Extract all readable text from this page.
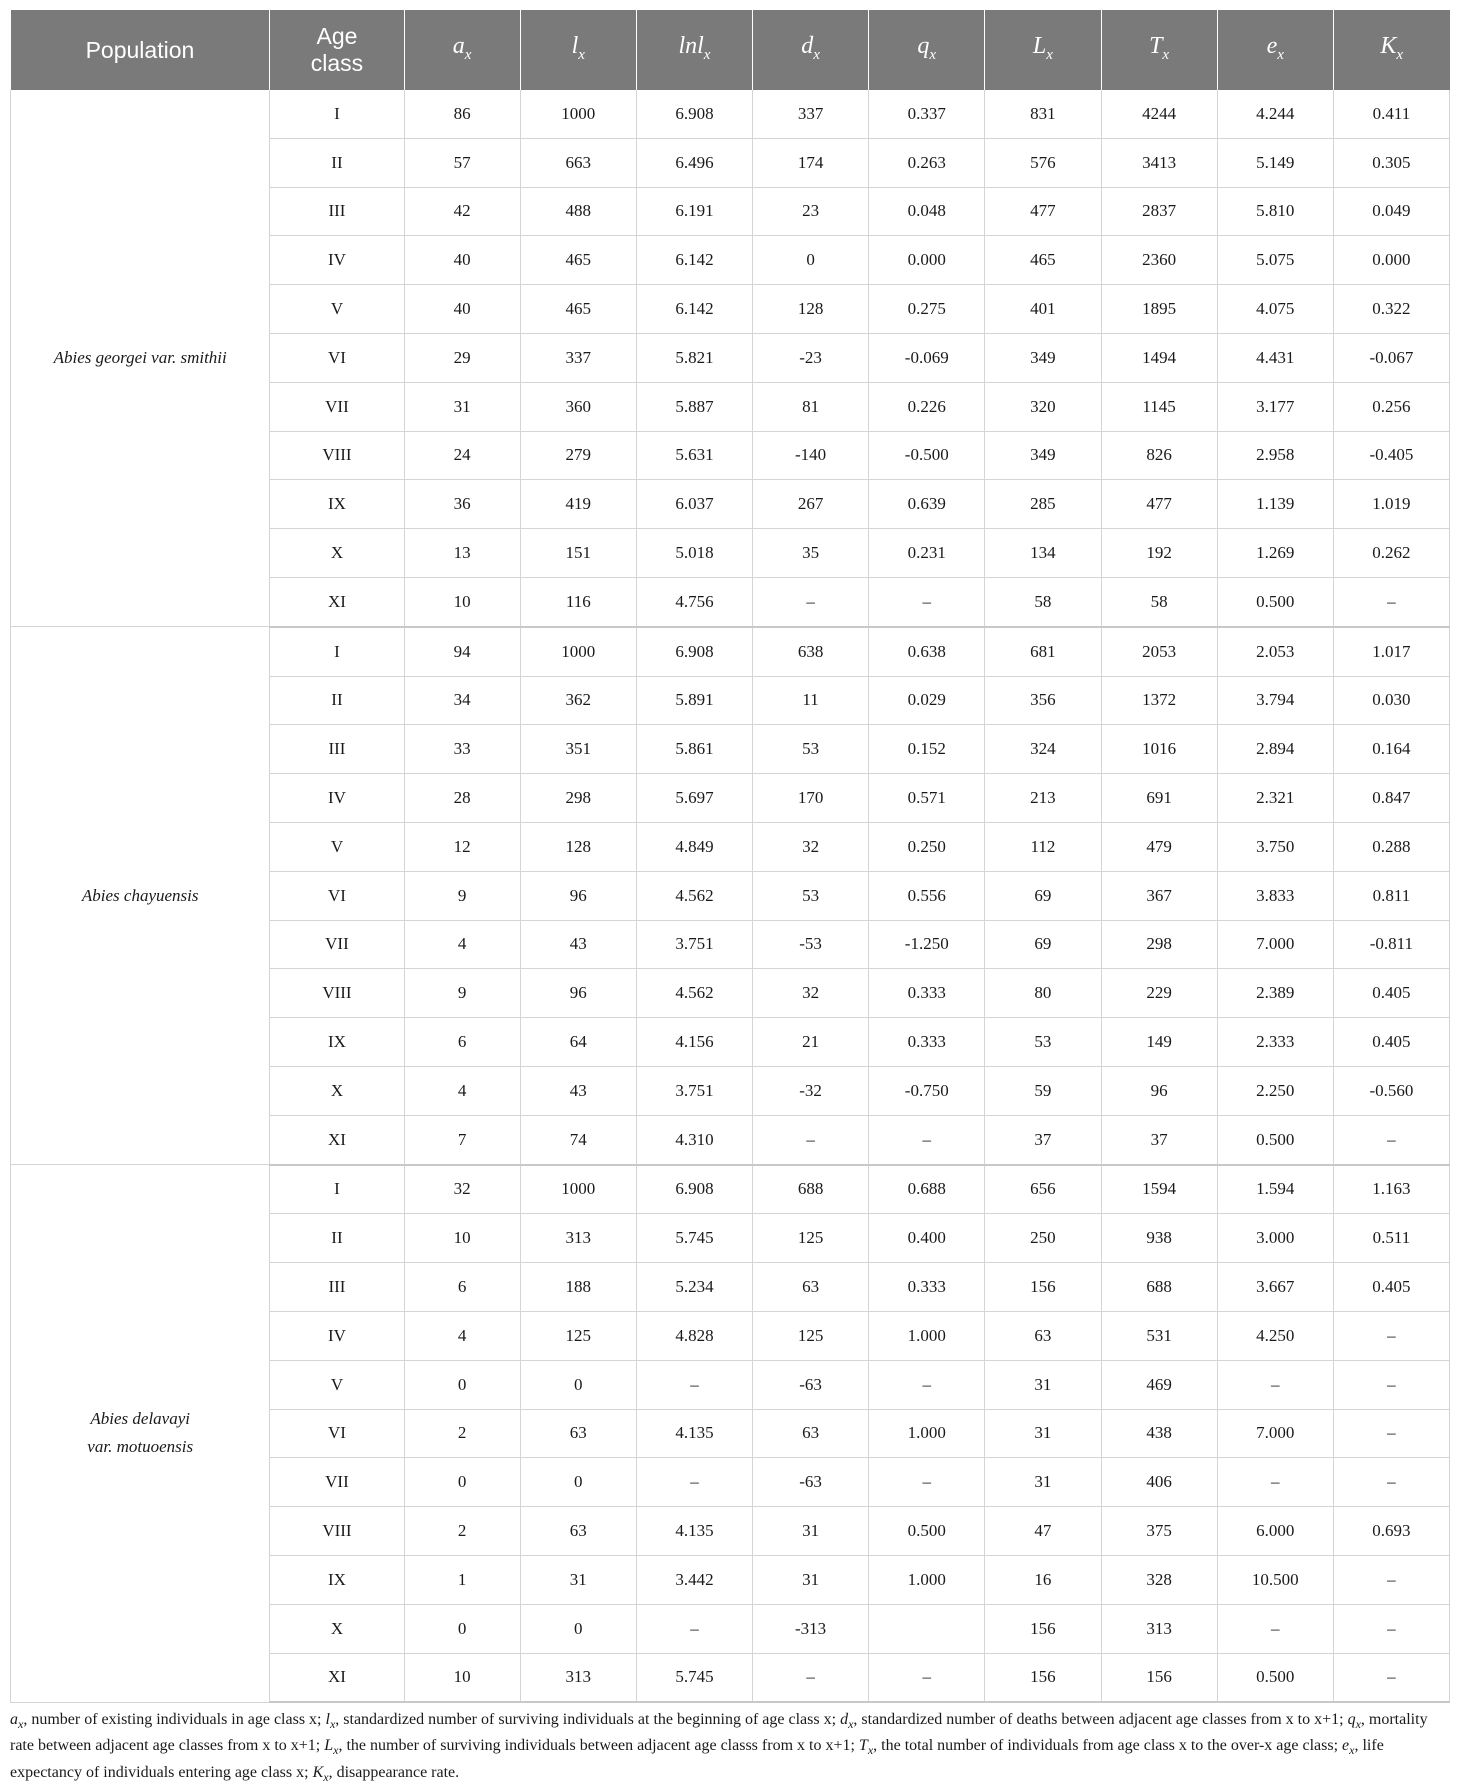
Population	Age class	$a_x$	$l_x$	lnl$_x$	$d_x$	$q_x$	$L_x$	$T_x$	$e_x$	$K_x$
Abies georgei var. smithii	I	86	1000	6.908	337	0.337	831	4244	4.244	0.411
	II	57	663	6.496	174	0.263	576	3413	5.149	0.305
	III	42	488	6.191	23	0.048	477	2837	5.810	0.049
	IV	40	465	6.142	0	0.000	465	2360	5.075	0.000
	V	40	465	6.142	128	0.275	401	1895	4.075	0.322
	VI	29	337	5.821	-23	-0.069	349	1494	4.431	-0.067
	VII	31	360	5.887	81	0.226	320	1145	3.177	0.256
	VIII	24	279	5.631	-140	-0.500	349	826	2.958	-0.405
	IX	36	419	6.037	267	0.639	285	477	1.139	1.019
	X	13	151	5.018	35	0.231	134	192	1.269	0.262
	XI	10	116	4.756	–	–	58	58	0.500	–
Abies chayuensis	I	94	1000	6.908	638	0.638	681	2053	2.053	1.017
	II	34	362	5.891	11	0.029	356	1372	3.794	0.030
	III	33	351	5.861	53	0.152	324	1016	2.894	0.164
	IV	28	298	5.697	170	0.571	213	691	2.321	0.847
	V	12	128	4.849	32	0.250	112	479	3.750	0.288
	VI	9	96	4.562	53	0.556	69	367	3.833	0.811
	VII	4	43	3.751	-53	-1.250	69	298	7.000	-0.811
	VIII	9	96	4.562	32	0.333	80	229	2.389	0.405
	IX	6	64	4.156	21	0.333	53	149	2.333	0.405
	X	4	43	3.751	-32	-0.750	59	96	2.250	-0.560
	XI	7	74	4.310	–	–	37	37	0.500	–
Abies delavayi
var. motuoensis	I	32	1000	6.908	688	0.688	656	1594	1.594	1.163
	II	10	313	5.745	125	0.400	250	938	3.000	0.511
	III	6	188	5.234	63	0.333	156	688	3.667	0.405
	IV	4	125	4.828	125	1.000	63	531	4.250	–
	V	0	0	–	-63	–	31	469	–	–
	VI	2	63	4.135	63	1.000	31	438	7.000	–
	VII	0	0	–	-63	–	31	406	–	–
	VIII	2	63	4.135	31	0.500	47	375	6.000	0.693
	IX	1	31	3.442	31	1.000	16	328	10.500	–
	X	0	0	–	-313		156	313	–	–
	XI	10	313	5.745	–	–	156	156	0.500	–
$a_x$, number of existing individuals in age class x; $l_x$, standardized number of surviving individuals at the beginning of age class x; $d_x$, standardized number of deaths between adjacent age classes from x to x+1; $q_x$, mortality rate between adjacent age classes from x to x+1; $L_x$, the number of surviving individuals between adjacent age classs from x to x+1; $T_x$, the total number of individuals from age class x to the over-x age class; $e_x$, life expectancy of individuals entering age class x; $K_x$, disappearance rate.
